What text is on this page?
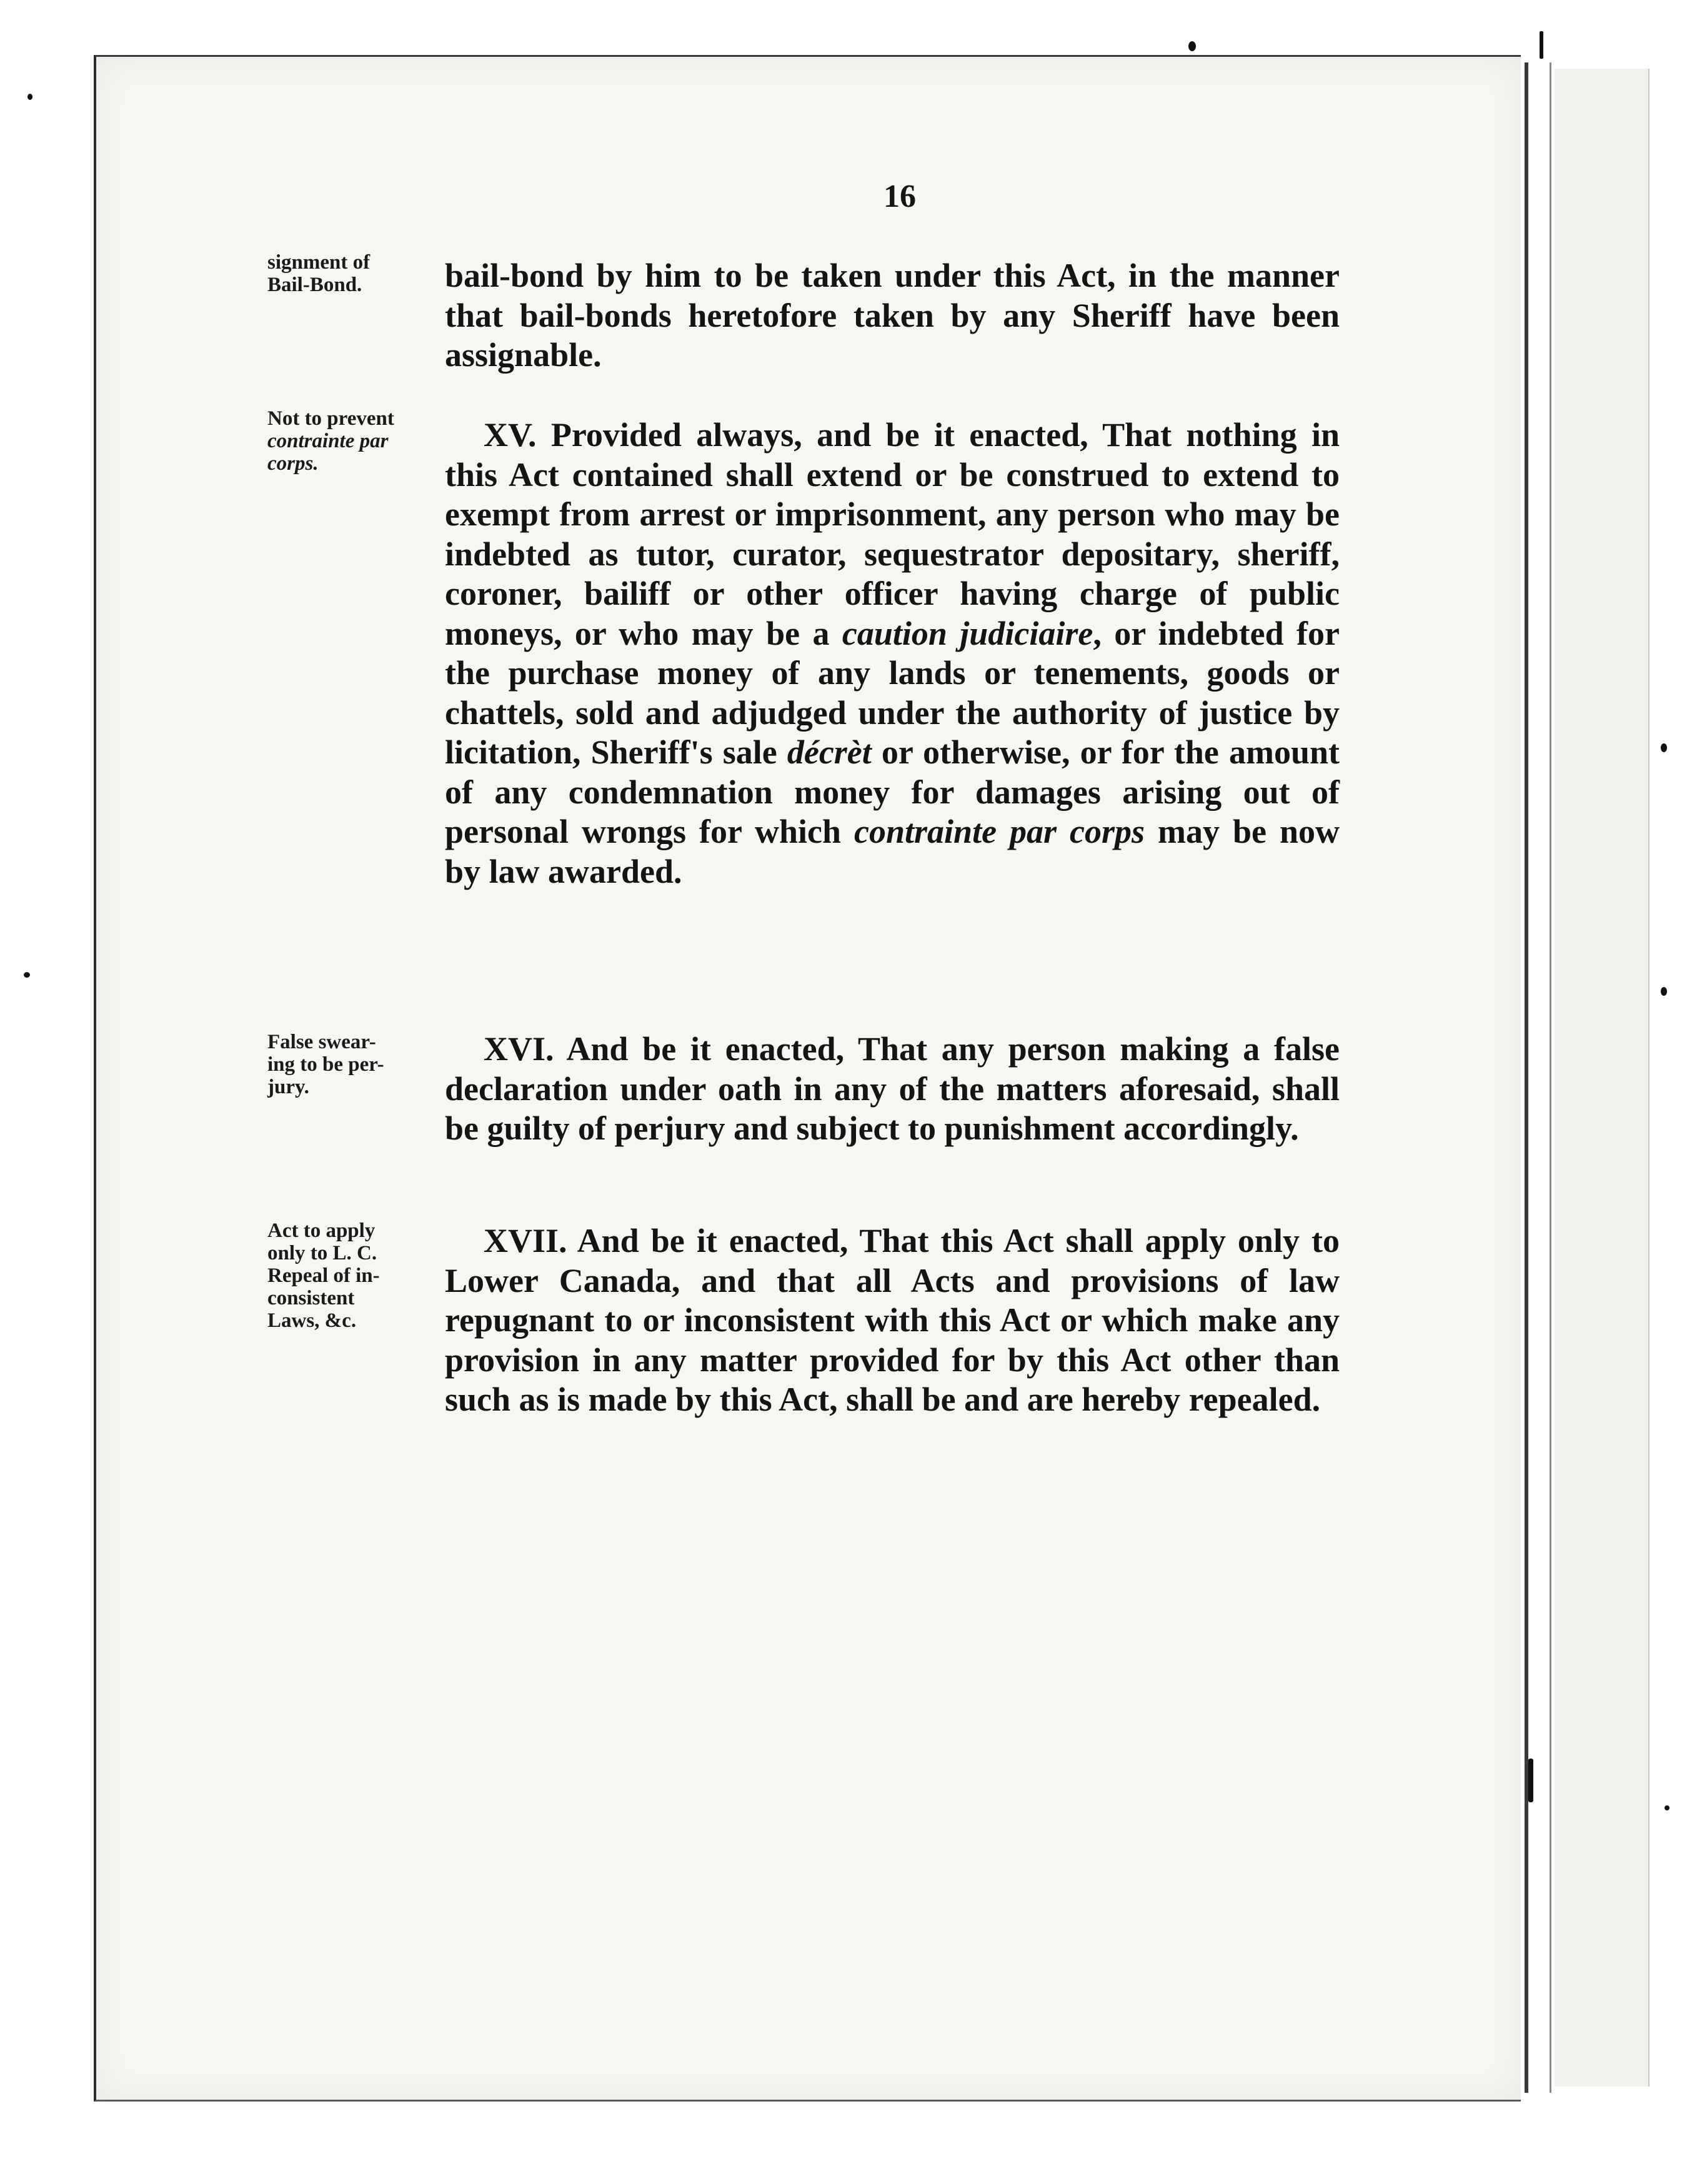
16

signment of
Bail-Bond.

Not to prevent
contrainte par
corps.

False swear-
ing to be per-
jury.

Act to apply
only to L. C.
Repeal of in-
consistent
Laws, &c.

bail-bond by him to be taken under this Act, in the manner that bail-bonds heretofore taken by any Sheriff have been assignable.

XV. Provided always, and be it enacted, That nothing in this Act contained shall extend or be construed to extend to exempt from arrest or imprisonment, any person who may be indebted as tutor, curator, sequestrator depositary, sheriff, coroner, bailiff or other officer having charge of public moneys, or who may be a caution judiciaire, or indebted for the purchase money of any lands or tenements, goods or chattels, sold and adjudged under the authority of justice by licitation, Sheriff's sale décrèt or otherwise, or for the amount of any condemnation money for damages arising out of personal wrongs for which contrainte par corps may be now by law awarded.

XVI. And be it enacted, That any person making a false declaration under oath in any of the matters aforesaid, shall be guilty of perjury and subject to punishment accordingly.

XVII. And be it enacted, That this Act shall apply only to Lower Canada, and that all Acts and provisions of law repugnant to or inconsistent with this Act or which make any provision in any matter provided for by this Act other than such as is made by this Act, shall be and are hereby repealed.
